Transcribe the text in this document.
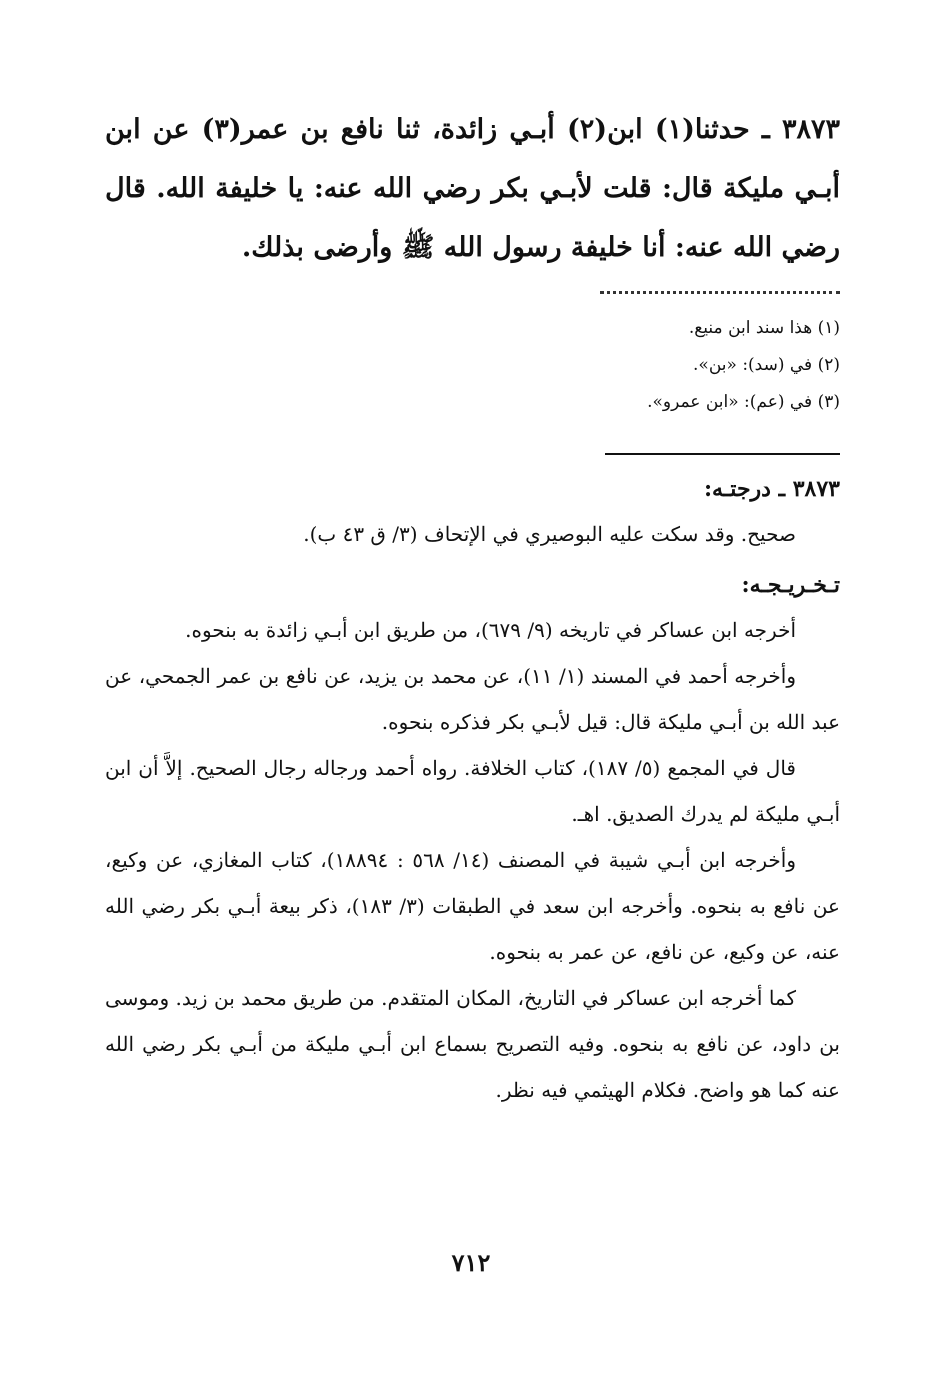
٣٨٧٣ ـ حدثنا(١) ابن(٢) أبـي زائدة، ثنا نافع بن عمر(٣) عن ابن أبـي مليكة قال: قلت لأبـي بكر رضي الله عنه: يا خليفة الله. قال رضي الله عنه: أنا خليفة رسول الله ﷺ وأرضى بذلك.

(١) هذا سند ابن منيع.

(٢) في (سد): «بن».

(٣) في (عم): «ابن عمرو».

٣٨٧٣ ـ درجتـه:

صحيح. وقد سكت عليه البوصيري في الإتحاف (٣/ ق ٤٣ ب).

تـخـريـجـه:

أخرجه ابن عساكر في تاريخه (٩/ ٦٧٩)، من طريق ابن أبـي زائدة به بنحوه.

وأخرجه أحمد في المسند (١/ ١١)، عن محمد بن يزيد، عن نافع بن عمر الجمحي، عن عبد الله بن أبـي مليكة قال: قيل لأبـي بكر فذكره بنحوه.

قال في المجمع (٥/ ١٨٧)، كتاب الخلافة. رواه أحمد ورجاله رجال الصحيح. إلاَّ أن ابن أبـي مليكة لم يدرك الصديق. اهـ.

وأخرجه ابن أبـي شيبة في المصنف (١٤/ ٥٦٨ : ١٨٨٩٤)، كتاب المغازي، عن وكيع، عن نافع به بنحوه. وأخرجه ابن سعد في الطبقات (٣/ ١٨٣)، ذكر بيعة أبـي بكر رضي الله عنه، عن وكيع، عن نافع، عن عمر به بنحوه.

كما أخرجه ابن عساكر في التاريخ، المكان المتقدم. من طريق محمد بن زيد. وموسى بن داود، عن نافع به بنحوه. وفيه التصريح بسماع ابن أبـي مليكة من أبـي بكر رضي الله عنه كما هو واضح. فكلام الهيثمي فيه نظر.

٧١٢
